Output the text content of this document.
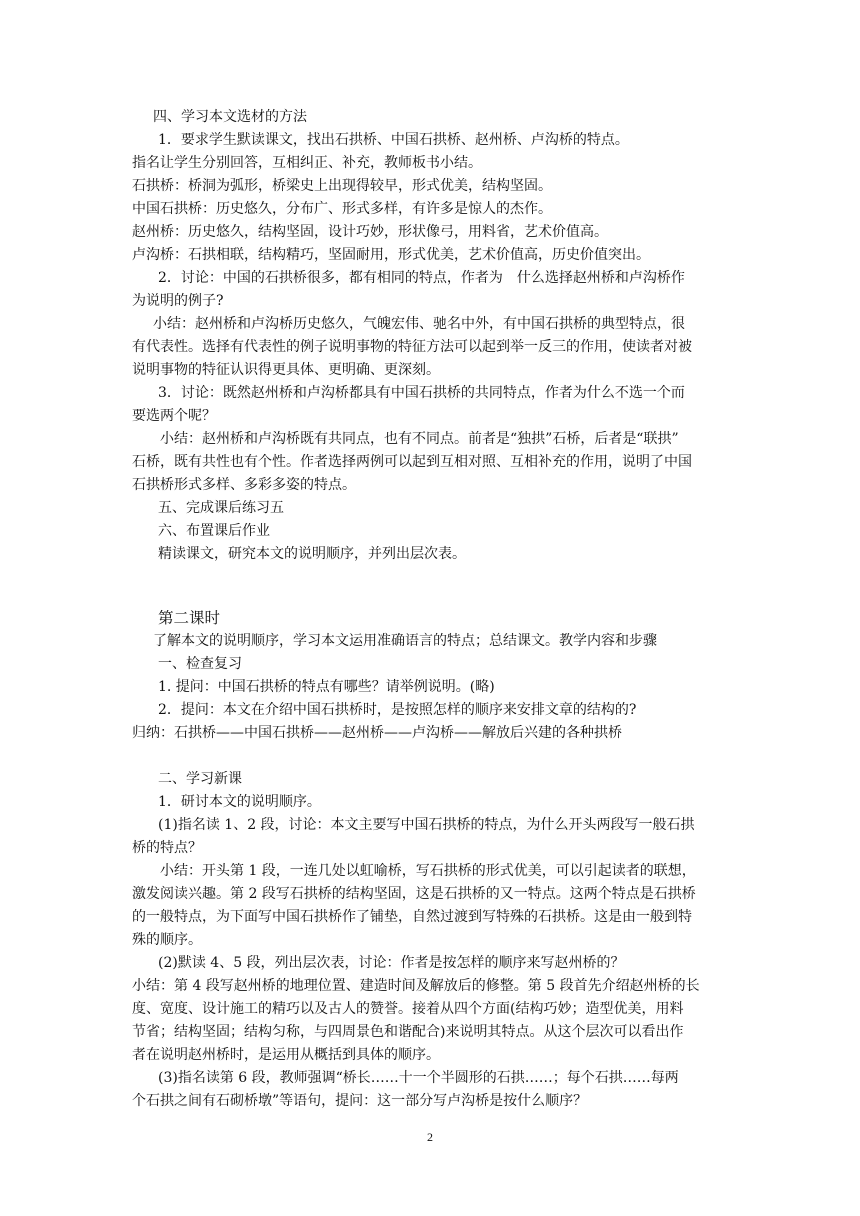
四、学习本文选材的方法
1．要求学生默读课文，找出石拱桥、中国石拱桥、赵州桥、卢沟桥的特点。
指名让学生分别回答，互相纠正、补充，教师板书小结。
石拱桥：桥洞为弧形，桥梁史上出现得较早，形式优美，结构坚固。
中国石拱桥：历史悠久，分布广、形式多样，有许多是惊人的杰作。
赵州桥：历史悠久，结构坚固，设计巧妙，形状像弓，用料省，艺术价值高。
卢沟桥：石拱相联，结构精巧，坚固耐用，形式优美，艺术价值高，历史价值突出。
2．讨论：中国的石拱桥很多，都有相同的特点，作者为　什么选择赵州桥和卢沟桥作
为说明的例子?
小结：赵州桥和卢沟桥历史悠久，气魄宏伟、驰名中外，有中国石拱桥的典型特点，很
有代表性。选择有代表性的例子说明事物的特征方法可以起到举一反三的作用，使读者对被
说明事物的特征认识得更具体、更明确、更深刻。
3．讨论：既然赵州桥和卢沟桥都具有中国石拱桥的共同特点，作者为什么不选一个而
要选两个呢？
小结：赵州桥和卢沟桥既有共同点，也有不同点。前者是“独拱”石桥，后者是“联拱”
石桥，既有共性也有个性。作者选择两例可以起到互相对照、互相补充的作用，说明了中国
石拱桥形式多样、多彩多姿的特点。
五、完成课后练习五
六、布置课后作业
精读课文，研究本文的说明顺序，并列出层次表。
第二课时
了解本文的说明顺序，学习本文运用准确语言的特点；总结课文。教学内容和步骤
一、检查复习
1. 提问：中国石拱桥的特点有哪些？请举例说明。(略)
2．提问：本文在介绍中国石拱桥时，是按照怎样的顺序来安排文章的结构的?
归纳：石拱桥——中国石拱桥——赵州桥——卢沟桥——解放后兴建的各种拱桥
二、学习新课
1．研讨本文的说明顺序。
(1)指名读 1、2 段，讨论：本文主要写中国石拱桥的特点，为什么开头两段写一般石拱
桥的特点？
小结：开头第 1 段，一连几处以虹喻桥，写石拱桥的形式优美，可以引起读者的联想，
激发阅读兴趣。第 2 段写石拱桥的结构坚固，这是石拱桥的又一特点。这两个特点是石拱桥
的一般特点，为下面写中国石拱桥作了铺垫，自然过渡到写特殊的石拱桥。这是由一般到特
殊的顺序。
(2)默读 4、5 段，列出层次表，讨论：作者是按怎样的顺序来写赵州桥的？
小结：第 4 段写赵州桥的地理位置、建造时间及解放后的修整。第 5 段首先介绍赵州桥的长
度、宽度、设计施工的精巧以及古人的赞誉。接着从四个方面(结构巧妙；造型优美，用料
节省；结构坚固；结构匀称，与四周景色和谐配合)来说明其特点。从这个层次可以看出作
者在说明赵州桥时，是运用从概括到具体的顺序。
(3)指名读第 6 段，教师强调“桥长……十一个半圆形的石拱……；每个石拱……每两
个石拱之间有石砌桥墩”等语句，提问：这一部分写卢沟桥是按什么顺序？
2
